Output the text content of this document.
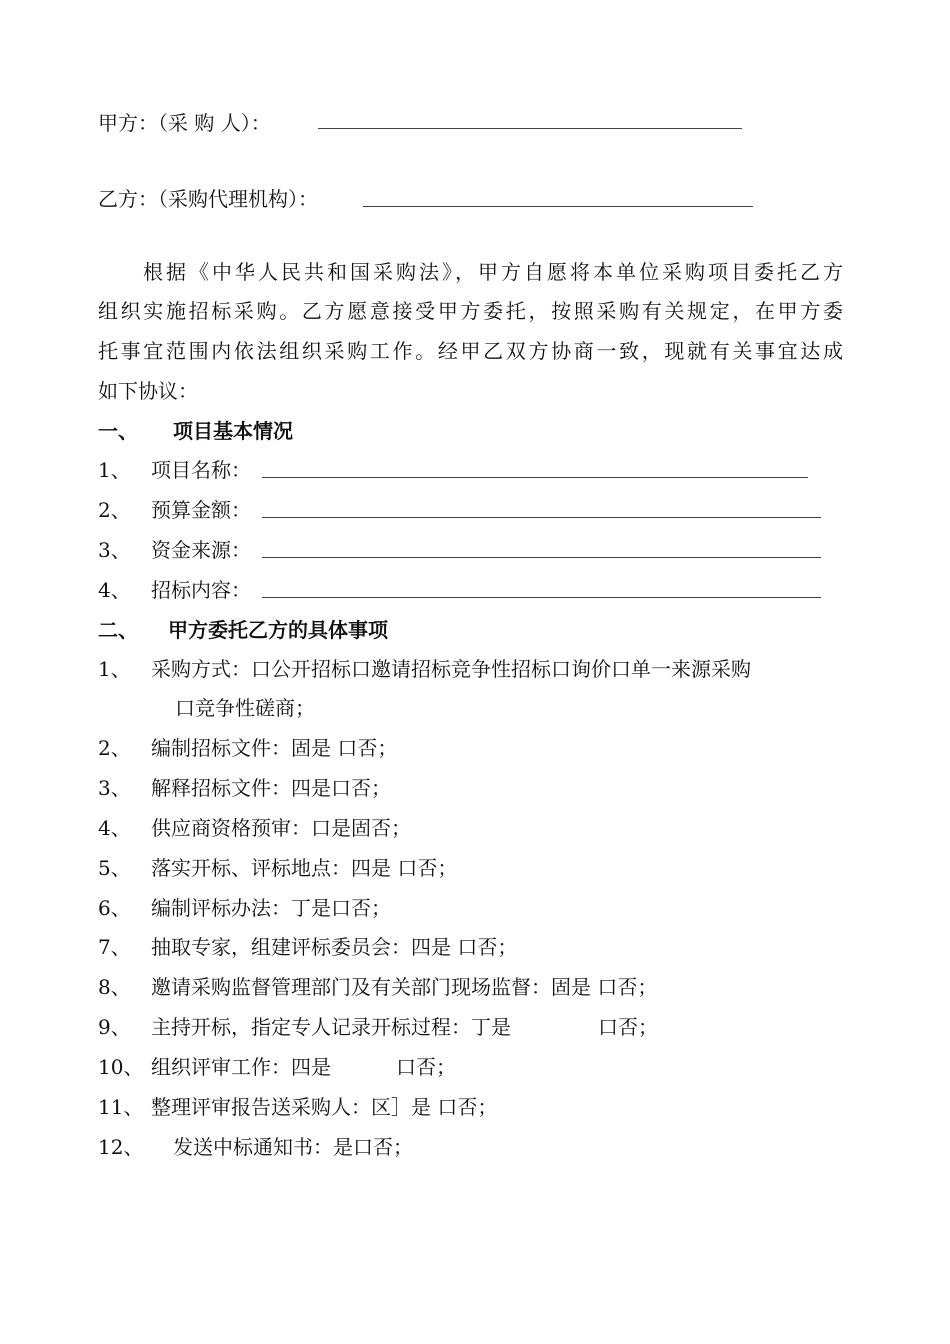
甲方：（采 购 人）：
乙方：（采购代理机构）：
根据《中华人民共和国采购法》，甲方自愿将本单位采购项目委托乙方
组织实施招标采购。乙方愿意接受甲方委托，按照采购有关规定，在甲方委
托事宜范围内依法组织采购工作。经甲乙双方协商一致，现就有关事宜达成
如下协议：
一、 项目基本情况
1、 项目名称：
2、 预算金额：
3、 资金来源：
4、 招标内容：
二、 甲方委托乙方的具体事项
1、 采购方式：口公开招标口邀请招标竞争性招标口询价口单一来源采购
口竞争性磋商；
2、 编制招标文件：固是 口否；
3、 解释招标文件：四是口否；
4、 供应商资格预审：口是固否；
5、 落实开标、评标地点：四是 口否；
6、 编制评标办法：丁是口否；
7、 抽取专家，组建评标委员会：四是 口否；
8、 邀请采购监督管理部门及有关部门现场监督：固是 口否；
9、 主持开标，指定专人记录开标过程：丁是	口否；
10、 组织评审工作：四是	口否；
11、 整理评审报告送采购人：区］是 口否；
12、 发送中标通知书：是口否；
